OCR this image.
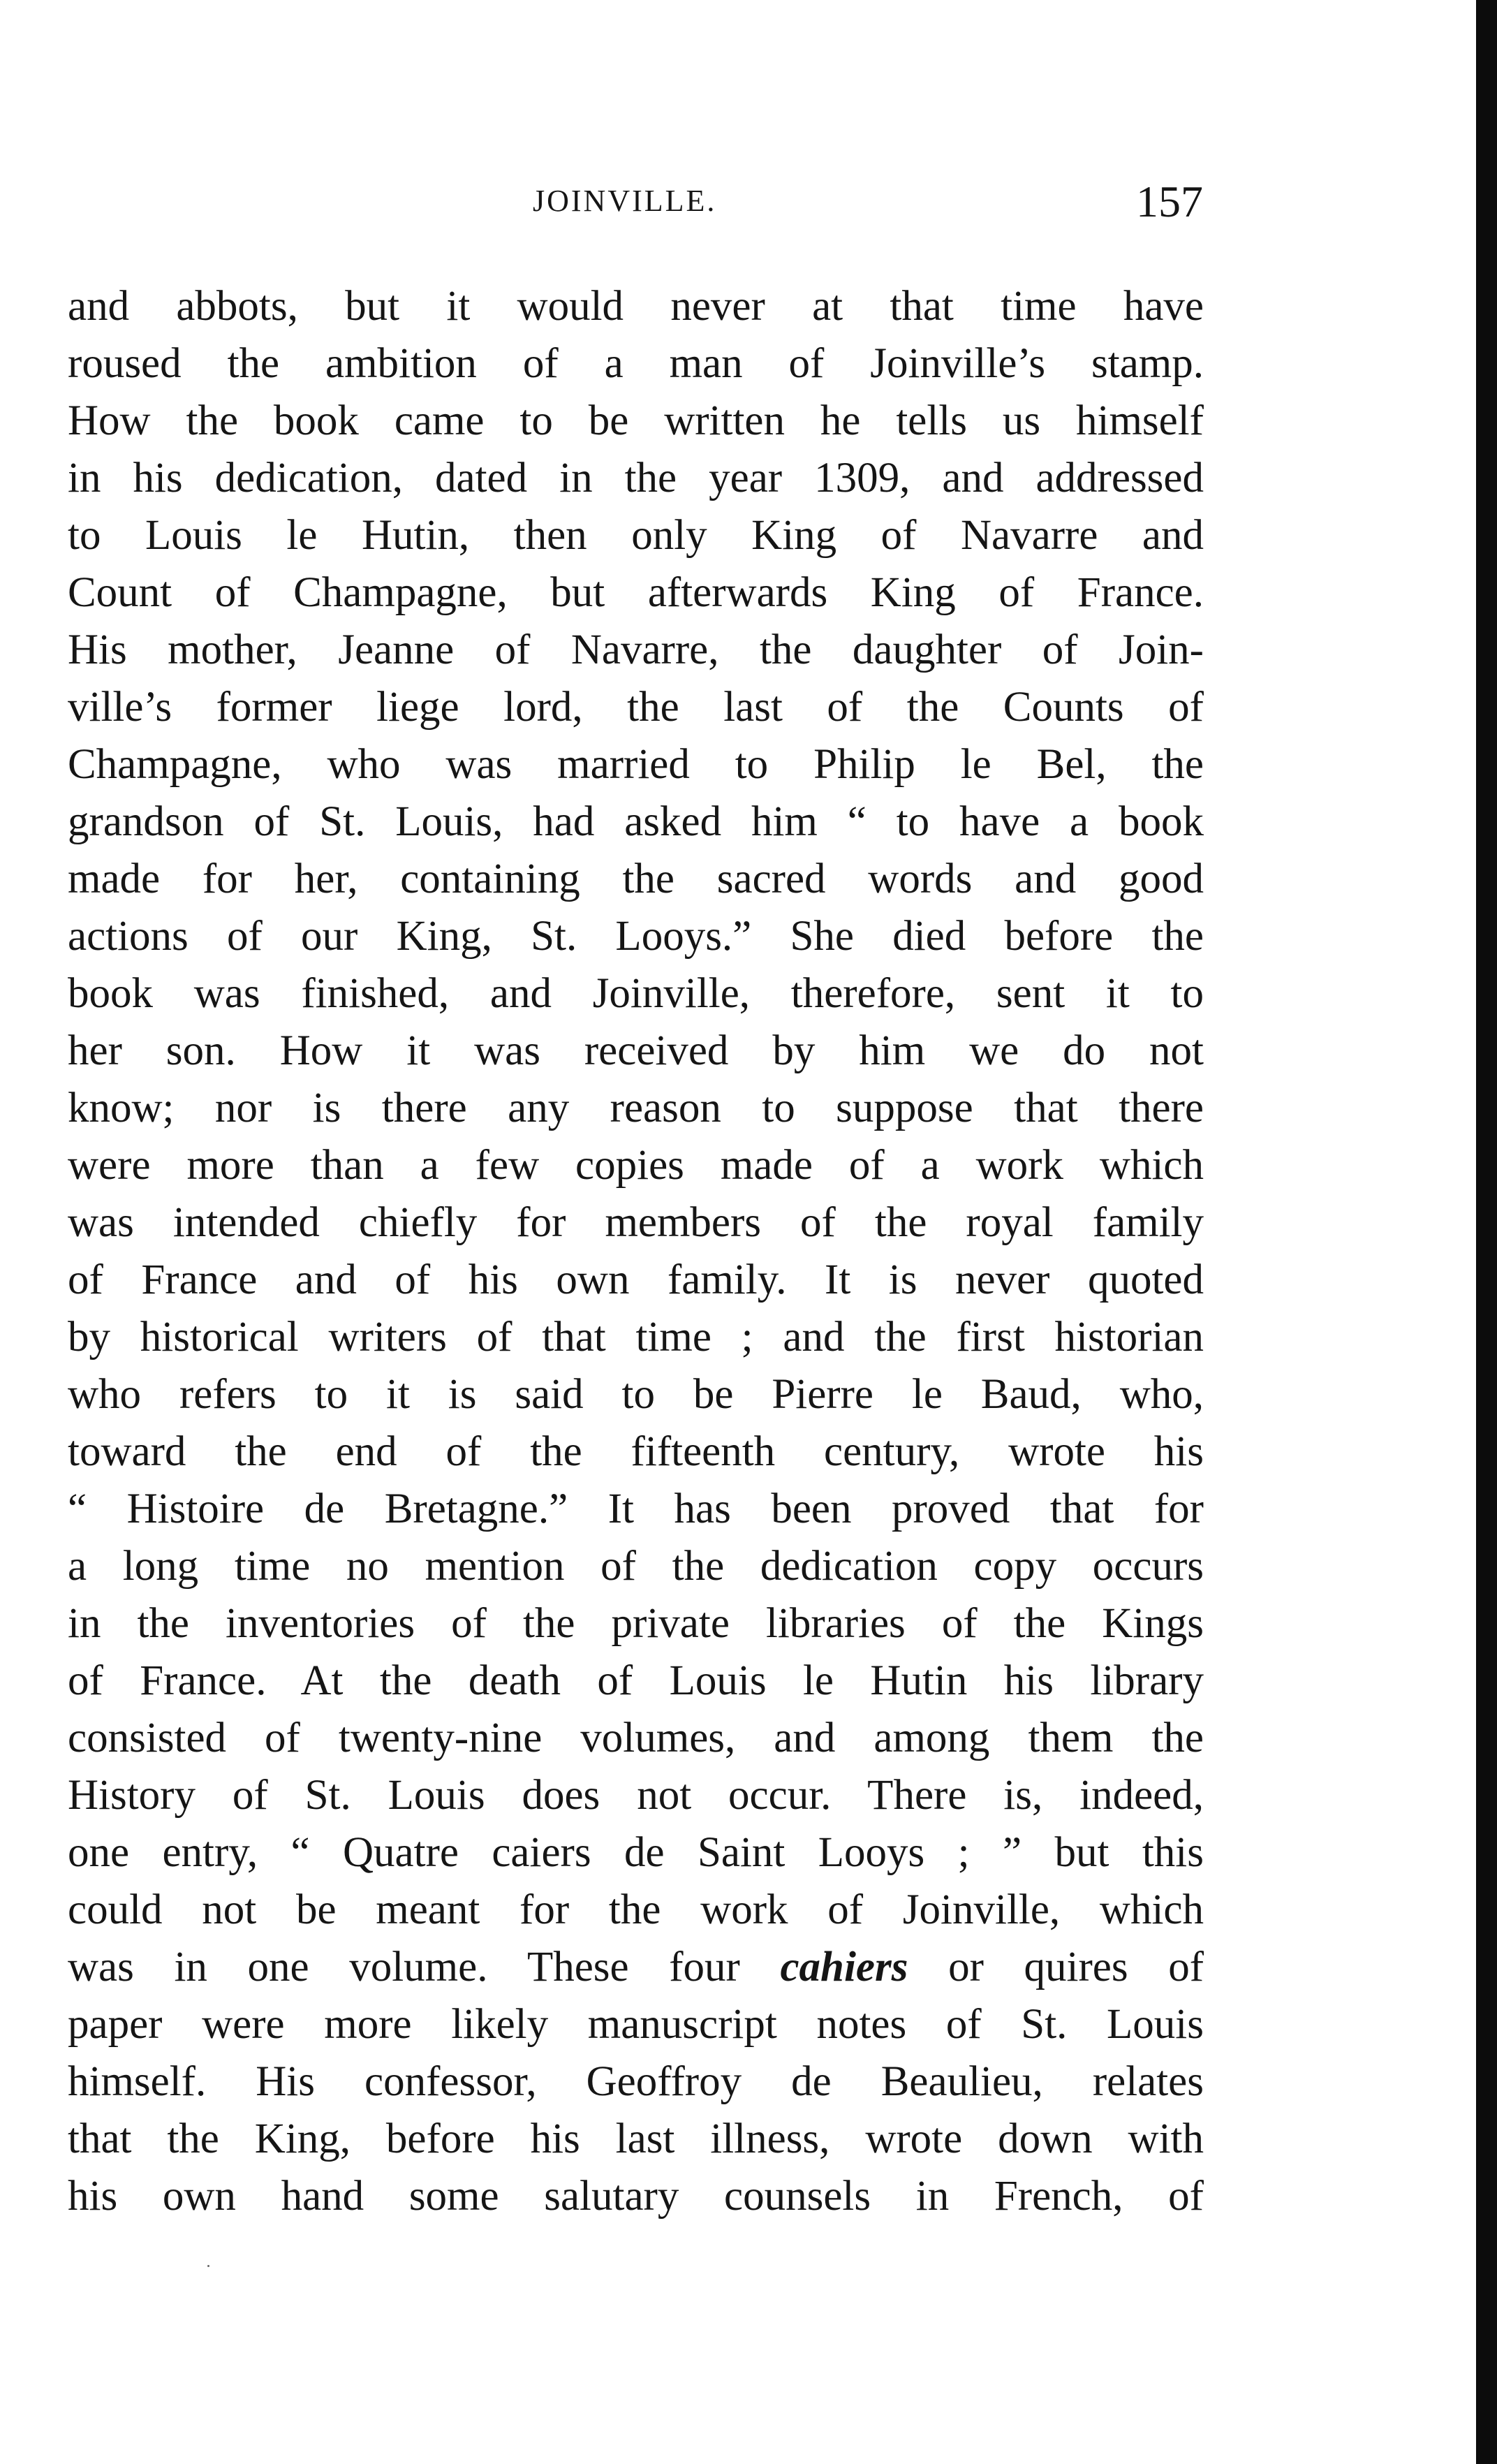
JOINVILLE.	157
and abbots, but it would never at that time have
roused the ambition of a man of Joinville’s stamp.
How the book came to be written he tells us himself
in his dedication, dated in the year 1309, and addressed
to Louis le Hutin, then only King of Navarre and
Count of Champagne, but afterwards King of France.
His mother, Jeanne of Navarre, the daughter of Join-
ville’s former liege lord, the last of the Counts of
Champagne, who was married to Philip le Bel, the
grandson of St. Louis, had asked him “ to have a book
made for her, containing the sacred words and good
actions of our King, St. Looys.” She died before the
book was finished, and Joinville, therefore, sent it to
her son. How it was received by him we do not
know; nor is there any reason to suppose that there
were more than a few copies made of a work which
was intended chiefly for members of the royal family
of France and of his own family. It is never quoted
by historical writers of that time ; and the first historian
who refers to it is said to be Pierre le Baud, who,
toward the end of the fifteenth century, wrote his
“ Histoire de Bretagne.” It has been proved that for
a long time no mention of the dedication copy occurs
in the inventories of the private libraries of the Kings
of France. At the death of Louis le Hutin his library
consisted of twenty-nine volumes, and among them the
History of St. Louis does not occur. There is, indeed,
one entry, “ Quatre caiers de Saint Looys ; ” but this
could not be meant for the work of Joinville, which
was in one volume. These four cahiers or quires of
paper were more likely manuscript notes of St. Louis
himself. His confessor, Geoffroy de Beaulieu, relates
that the King, before his last illness, wrote down with
his own hand some salutary counsels in French, of
